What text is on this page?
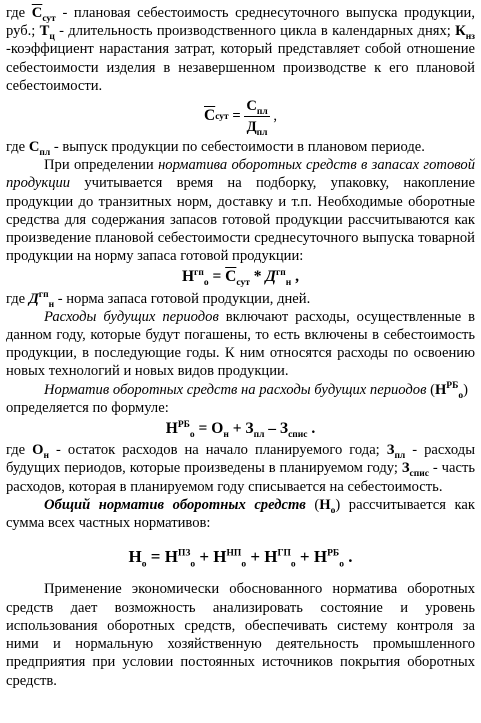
где $С_{сут}$ - плановая себестоимость среднесуточного выпуска продукции, руб.; $Т_ц$ - длительность производственного цикла в календарных днях; $К_{нз}$ -коэффициент нарастания затрат, который представляет собой отношение себестоимости изделия в незавершенном производстве к его плановой себестоимости.

С сут = $\frac{С_{пл}}{Д_{пл}}$ ,

где $С_{пл}$ - выпуск продукции по себестоимости в плановом периоде.

При определении норматива оборотных средств в запасах готовой продукции учитывается время на подборку, упаковку, накопление продукции до транзитных норм, доставку и т.п. Необходимые оборотные средства для содержания запасов готовой продукции рассчитываются как произведение плановой себестоимости среднесуточного выпуска товарной продукции на норму запаса готовой продукции:

$Н^{гп}_о = С_{сут} * Д^{гп}_н$ ,

где $Д^{гп}_н$ - норма запаса готовой продукции, дней.

Расходы будущих периодов включают расходы, осуществленные в данном году, которые будут погашены, то есть включены в себестоимость продукции, в последующие годы. К ним относятся расходы по освоению новых технологий и новых видов продукции.

Норматив оборотных средств на расходы будущих периодов $(Н^{РБ}_о)$
определяется по формуле:

$Н^{РБ}_о = О_н + З_{пл} - З_{спис}$ .

где $О_н$ - остаток расходов на начало планируемого года; $З_{пл}$ - расходы будущих периодов, которые произведены в планируемом году; $З_{спис}$ - часть расходов, которая в планируемом году списывается на себестоимость.

Общий норматив оборотных средств $(Н_о)$ рассчитывается как сумма всех частных нормативов:

$Н_о = Н^{ПЗ}_о + Н^{НП}_о + Н^{ГП}_о + Н^{РБ}_о$ .

Применение экономически обоснованного норматива оборотных средств дает возможность анализировать состояние и уровень использования оборотных средств, обеспечивать систему контроля за ними и нормальную хозяйственную деятельность промышленного предприятия при условии постоянных источников покрытия оборотных средств.
